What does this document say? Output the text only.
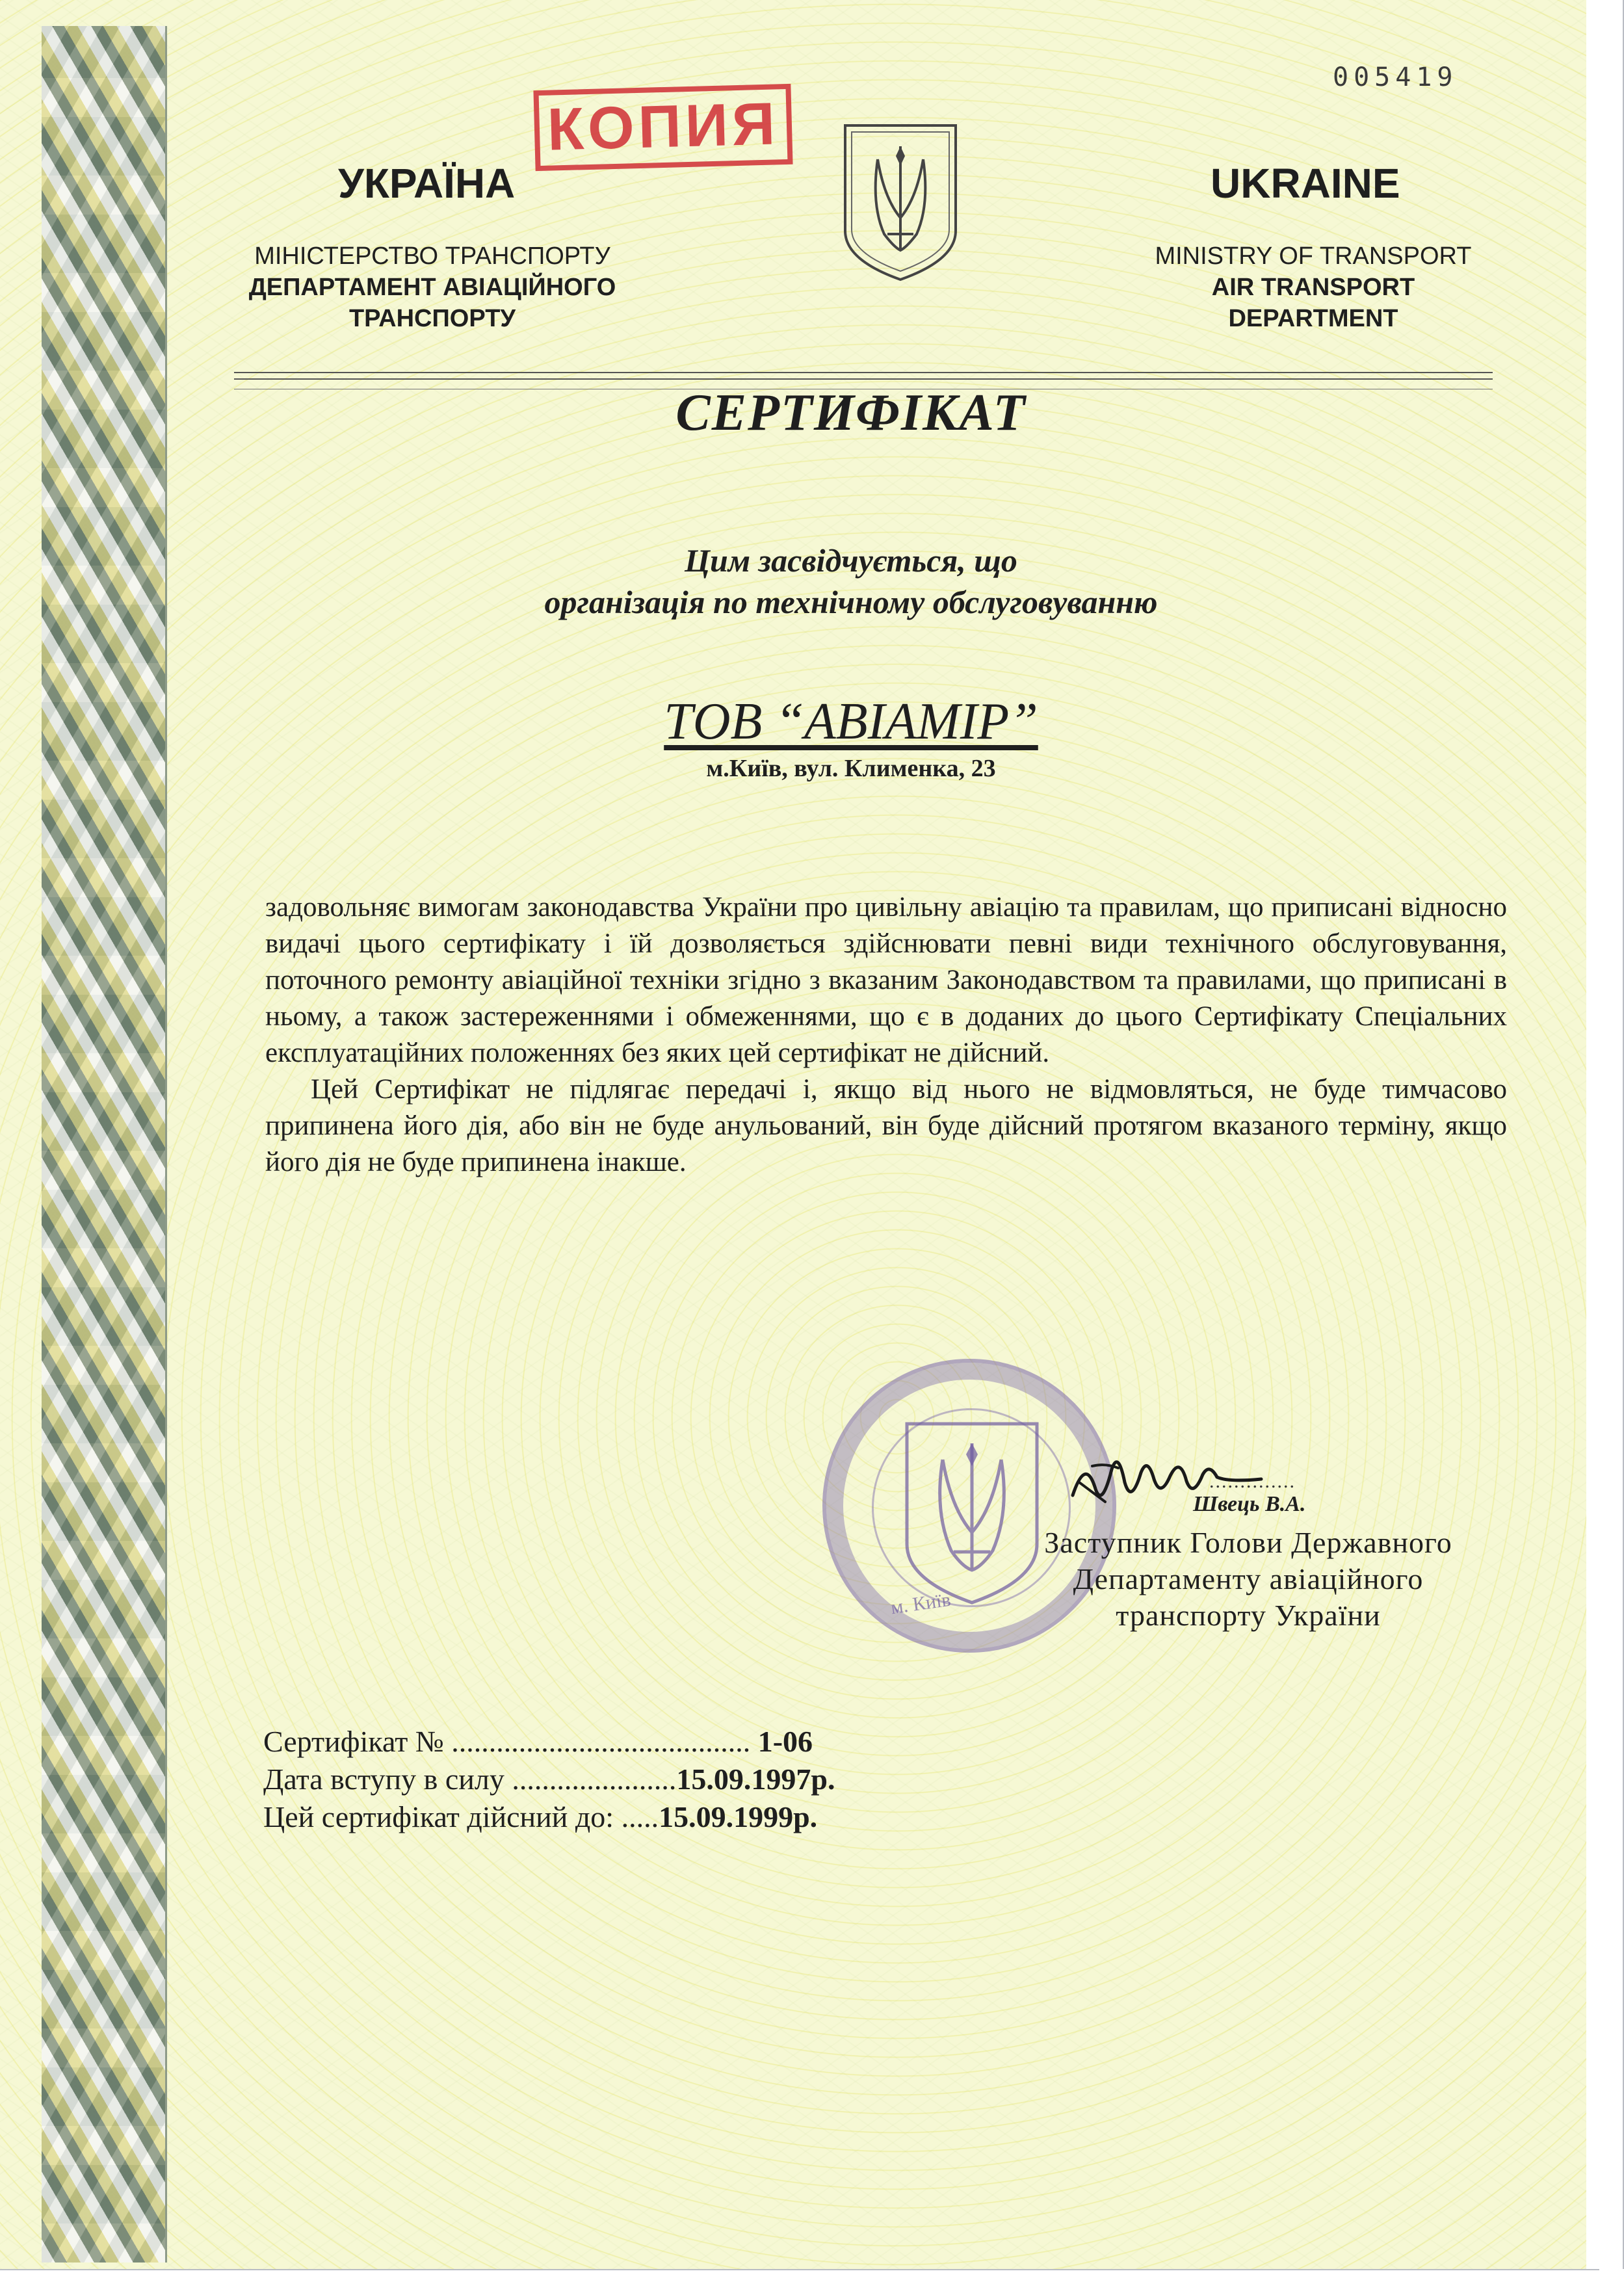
005419
КОПИЯ
УКРАЇНА	UKRAINE
МІНІСТЕРСТВО ТРАНСПОРТУ
ДЕПАРТАМЕНТ АВІАЦІЙНОГО
ТРАНСПОРТУ
MINISTRY OF TRANSPORT
AIR TRANSPORT
DEPARTMENT
СЕРТИФІКАТ
Цим засвідчується, що
організація по технічному обслуговуванню
ТОВ “АВІАМІР”
м.Київ, вул. Клименка, 23

задовольняє вимогам законодавства України про цивільну авіацію та правилам, що приписані відносно видачі цього сертифікату і їй дозволяється здійснювати певні види технічного обслуговування, поточного ремонту авіаційної техніки згідно з вказаним Законодавством та правилами, що приписані в ньому, а також застереженнями і обмеженнями, що є в доданих до цього Сертифікату Спеціальних експлуатаційних положеннях без яких цей сертифікат не дійсний.

Цей Сертифікат не підлягає передачі і, якщо від нього не відмовляться, не буде тимчасово припинена його дія, або він не буде анульований, він буде дійсний протягом вказаного терміну, якщо його дія не буде припинена інакше.

м. Київ
..............
Швець В.А.
Заступник Голови Державного
Департаменту авіаційного
транспорту України
Сертифікат № ........................................ 1-06
Дата вступу в силу ......................15.09.1997р.
Цей сертифікат дійсний до: .....15.09.1999р.
